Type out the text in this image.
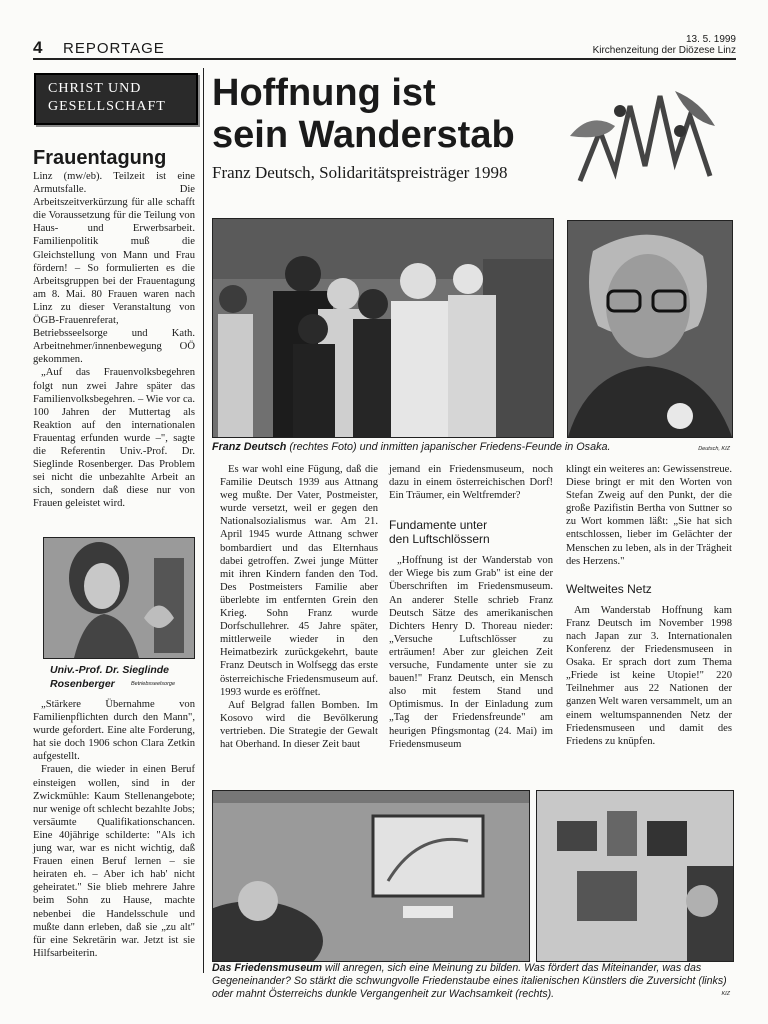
4 REPORTAGE
13. 5. 1999
Kirchenzeitung der Diözese Linz
CHRIST UND
GESELLSCHAFT
Frauentagung

Linz (mw/eb). Teilzeit ist eine Armutsfalle. Die Arbeitszeitverkürzung für alle schafft die Voraussetzung für die Teilung von Haus- und Erwerbsarbeit. Familienpolitik muß die Gleichstellung von Mann und Frau fördern! – So formulierten es die Arbeitsgruppen bei der Frauentagung am 8. Mai. 80 Frauen waren nach Linz zu dieser Veranstaltung von ÖGB-Frauenreferat, Betriebsseelsorge und Kath. Arbeitnehmer/innenbewegung OÖ gekommen.

„Auf das Frauenvolksbegehren folgt nun zwei Jahre später das Familienvolksbegehren. – Wie vor ca. 100 Jahren der Muttertag als Reaktion auf den internationalen Frauentag erfunden wurde –", sagte die Referentin Univ.-Prof. Dr. Sieglinde Rosenberger. Das Problem sei nicht die unbezahlte Arbeit an sich, sondern daß diese nur von Frauen geleistet wird.

Univ.-Prof. Dr. Sieglinde
Rosenberger	Betriebsseelsorge

„Stärkere Übernahme von Familienpflichten durch den Mann", wurde gefordert. Eine alte Forderung, hat sie doch 1906 schon Clara Zetkin aufgestellt.

Frauen, die wieder in einen Beruf einsteigen wollen, sind in der Zwickmühle: Kaum Stellenangebote; nur wenige oft schlecht bezahlte Jobs; versäumte Qualifikationschancen. Eine 40jährige schilderte: "Als ich jung war, war es nicht wichtig, daß Frauen einen Beruf lernen – sie heiraten eh. – Aber ich hab' nicht geheiratet." Sie blieb mehrere Jahre beim Sohn zu Hause, machte nebenbei die Handelsschule und mußte dann erleben, daß sie „zu alt" für eine Sekretärin war. Jetzt ist sie Hilfsarbeiterin.

Hoffnung ist
sein Wanderstab
Franz Deutsch, Solidaritätspreisträger 1998
Franz Deutsch (rechtes Foto) und inmitten japanischer Friedens-Feunde in Osaka.	Deutsch, KIZ

Es war wohl eine Fügung, daß die Familie Deutsch 1939 aus Attnang weg mußte. Der Vater, Postmeister, wurde versetzt, weil er gegen den Nationalsozialismus war. Am 21. April 1945 wurde Attnang schwer bombardiert und das Elternhaus dabei getroffen. Zwei junge Mütter mit ihren Kindern fanden den Tod. Des Postmeisters Familie aber überlebte im entfernten Grein den Krieg. Sohn Franz wurde Dorfschullehrer. 45 Jahre später, mittlerweile wieder in den Heimatbezirk zurückgekehrt, baute Franz Deutsch in Wolfsegg das erste österreichische Friedensmuseum auf. 1993 wurde es eröffnet.

Auf Belgrad fallen Bomben. Im Kosovo wird die Bevölkerung vertrieben. Die Strategie der Gewalt hat Oberhand. In dieser Zeit baut

jemand ein Friedensmuseum, noch dazu in einem österreichischen Dorf! Ein Träumer, ein Weltfremder?

Fundamente unter
den Luftschlössern

„Hoffnung ist der Wanderstab von der Wiege bis zum Grab" ist eine der Überschriften im Friedensmuseum. An anderer Stelle schrieb Franz Deutsch Sätze des amerikanischen Dichters Henry D. Thoreau nieder: „Versuche Luftschlösser zu erträumen! Aber zur gleichen Zeit versuche, Fundamente unter sie zu bauen!" Franz Deutsch, ein Mensch also mit festem Stand und Optimismus. In der Einladung zum „Tag der Friedensfreunde" am heurigen Pfingsmontag (24. Mai) im Friedensmuseum

klingt ein weiteres an: Gewissenstreue. Diese bringt er mit den Worten von Stefan Zweig auf den Punkt, der die große Pazifistin Bertha von Suttner so zu Wort kommen läßt: „Sie hat sich entschlossen, lieber im Gelächter der Menschen zu leben, als in der Trägheit des Herzens."

Weltweites Netz

Am Wanderstab Hoffnung kam Franz Deutsch im November 1998 nach Japan zur 3. Internationalen Konferenz der Friedensmuseen in Osaka. Er sprach dort zum Thema „Friede ist keine Utopie!" 220 Teilnehmer aus 22 Nationen der ganzen Welt waren versammelt, um an einem weltumspannenden Netz der Friedensmuseen und damit des Friedens zu knüpfen.

Das Friedensmuseum will anregen, sich eine Meinung zu bilden. Was fördert das Miteinander, was das Gegeneinander? So stärkt die schwungvolle Friedenstaube eines italienischen Künstlers die Zuversicht (links) oder mahnt Österreichs dunkle Vergangenheit zur Wachsamkeit (rechts).	KIZ
